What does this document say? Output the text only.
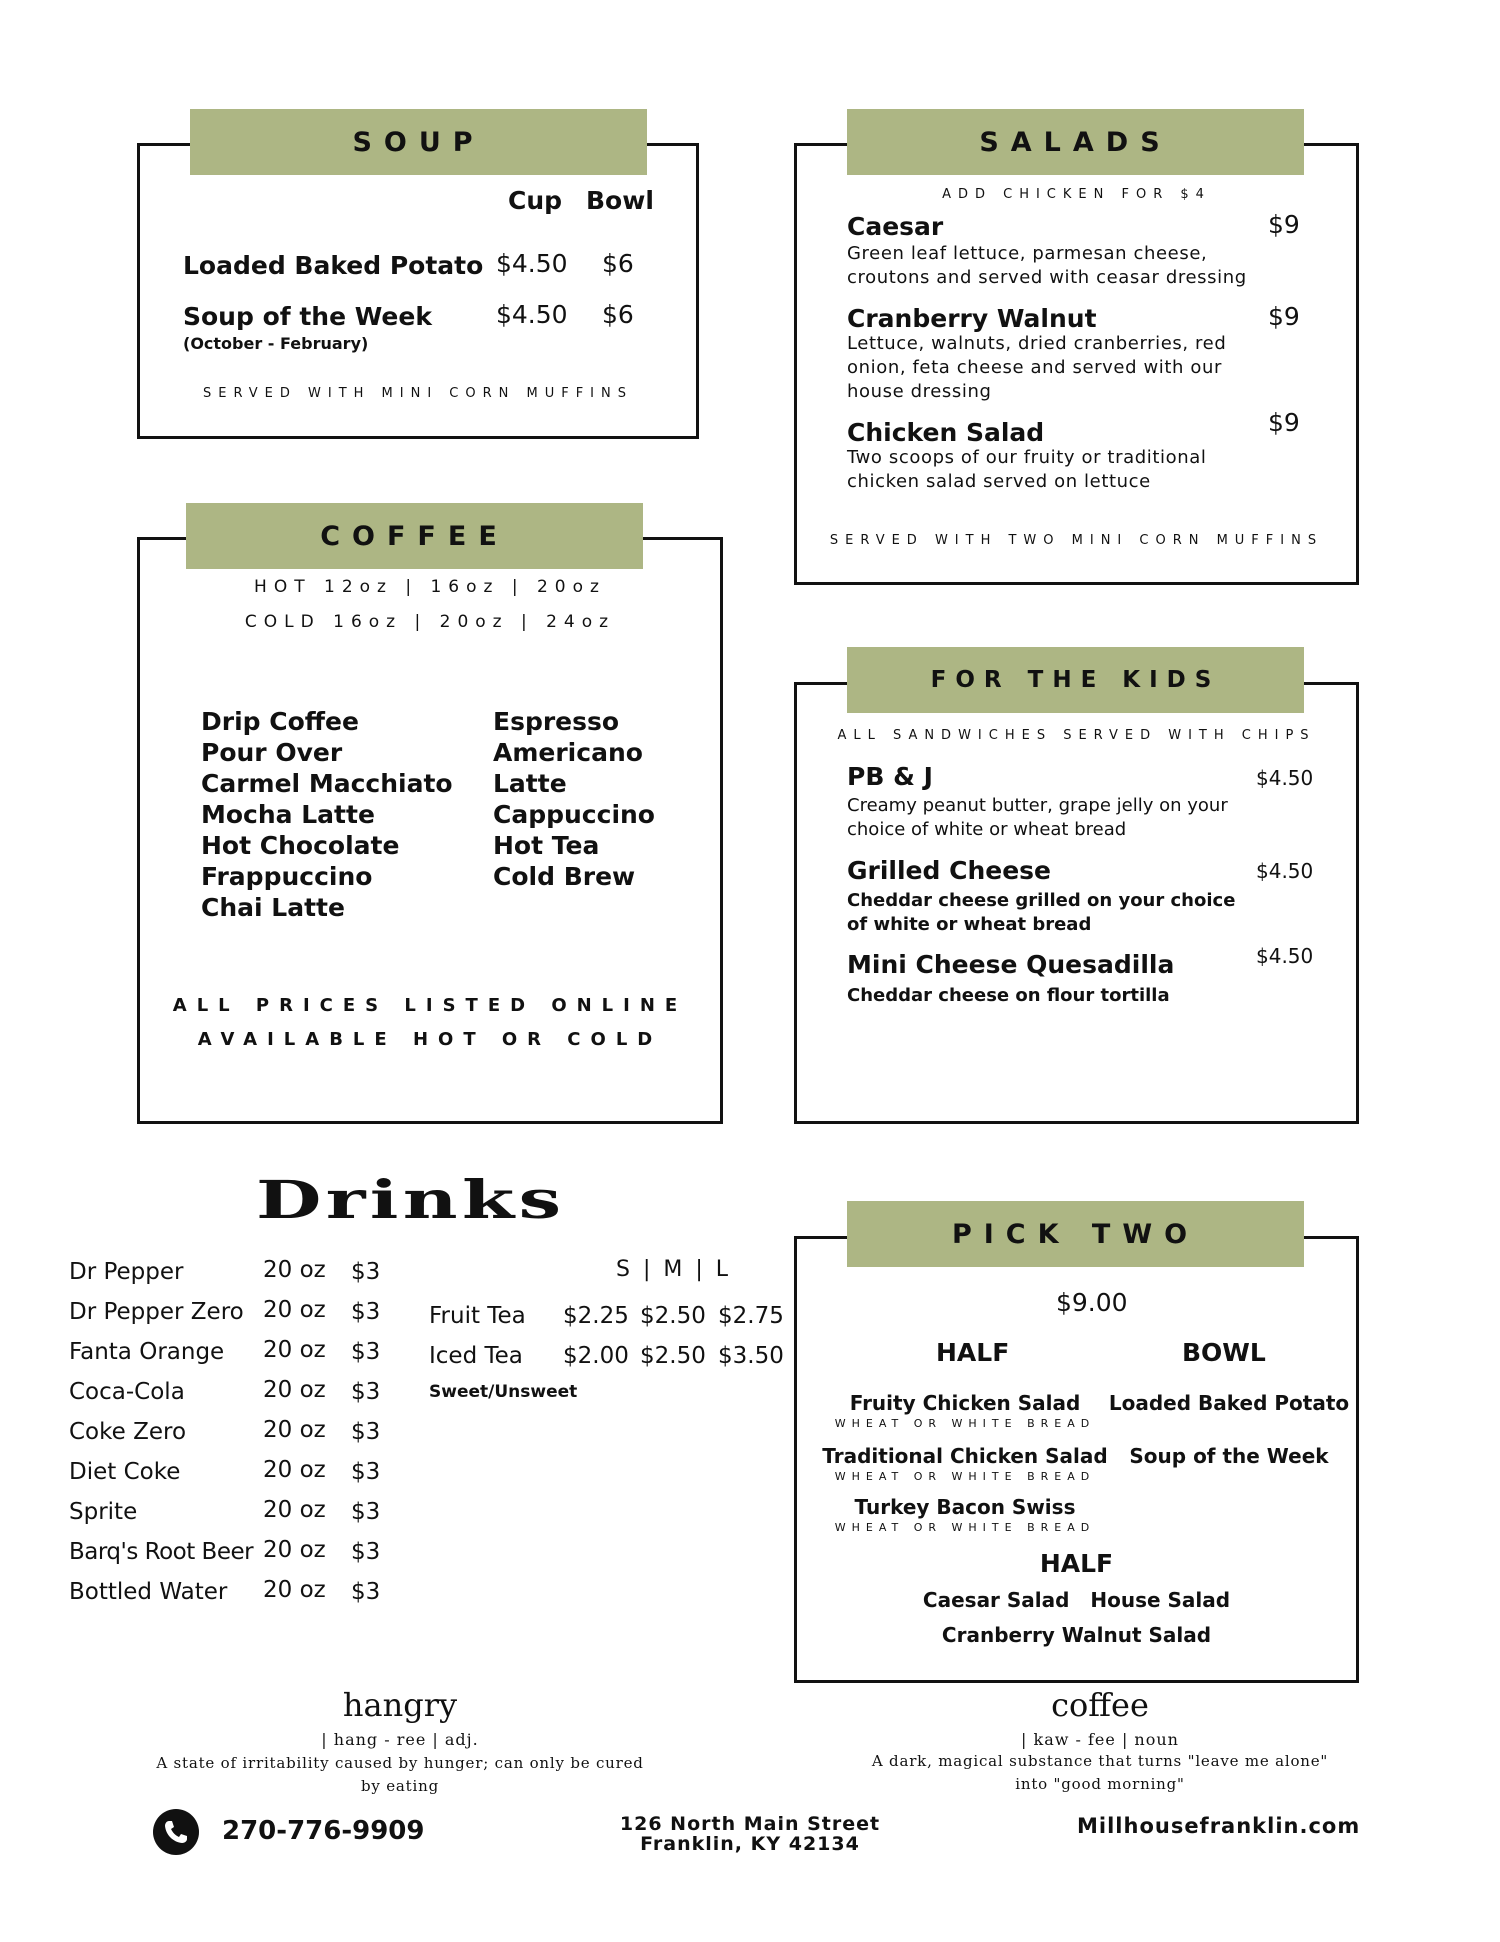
SOUP
Cup Bowl
Loaded Baked Potato $4.50 $6
Soup of the Week	$4.50 $6
(October - February)
SERVED WITH MINI CORN MUFFINS
SALADS
ADD CHICKEN FOR $4
Caesar	$9
Green leaf lettuce, parmesan cheese, croutons and served with ceasar dressing
Cranberry Walnut	$9
Lettuce, walnuts, dried cranberries, red onion, feta cheese and served with our house dressing
Chicken Salad	$9
Two scoops of our fruity or traditional chicken salad served on lettuce
SERVED WITH TWO MINI CORN MUFFINS
COFFEE
HOT 12oz | 16oz | 20oz
COLD 16oz | 20oz | 24oz
Drip Coffee
Pour Over
Carmel Macchiato
Mocha Latte
Hot Chocolate
Frappuccino
Chai Latte
Espresso
Americano
Latte
Cappuccino
Hot Tea
Cold Brew
ALL PRICES LISTED ONLINE
AVAILABLE HOT OR COLD
FOR THE KIDS
ALL SANDWICHES SERVED WITH CHIPS
PB & J	$4.50
Creamy peanut butter, grape jelly on your choice of white or wheat bread
Grilled Cheese	$4.50
Cheddar cheese grilled on your choice of white or wheat bread
Mini Cheese Quesadilla	$4.50
Cheddar cheese on flour tortilla
Drinks
Dr Pepper	20 oz $3
Dr Pepper Zero 20 oz $3
Fanta Orange 20 oz $3
Coca-Cola	20 oz $3
Coke Zero	20 oz $3
Diet Coke	20 oz $3
Sprite	20 oz $3
Barq's Root Beer 20 oz $3
Bottled Water 20 oz $3
S | M | L
Fruit Tea $2.25 $2.50 $2.75
Iced Tea $2.00 $2.50 $3.50
Sweet/Unsweet
PICK TWO
$9.00
HALF	BOWL
Fruity Chicken Salad
WHEAT OR WHITE BREAD
Traditional Chicken Salad
WHEAT OR WHITE BREAD
Turkey Bacon Swiss
WHEAT OR WHITE BREAD
Loaded Baked Potato
Soup of the Week
HALF
Caesar Salad House Salad
Cranberry Walnut Salad
hangry
| hang - ree | adj.
A state of irritability caused by hunger; can only be cured by eating
coffee
| kaw - fee | noun
A dark, magical substance that turns "leave me alone"
into "good morning"
270-776-9909	126 North Main Street
Franklin, KY 42134
Millhousefranklin.com
